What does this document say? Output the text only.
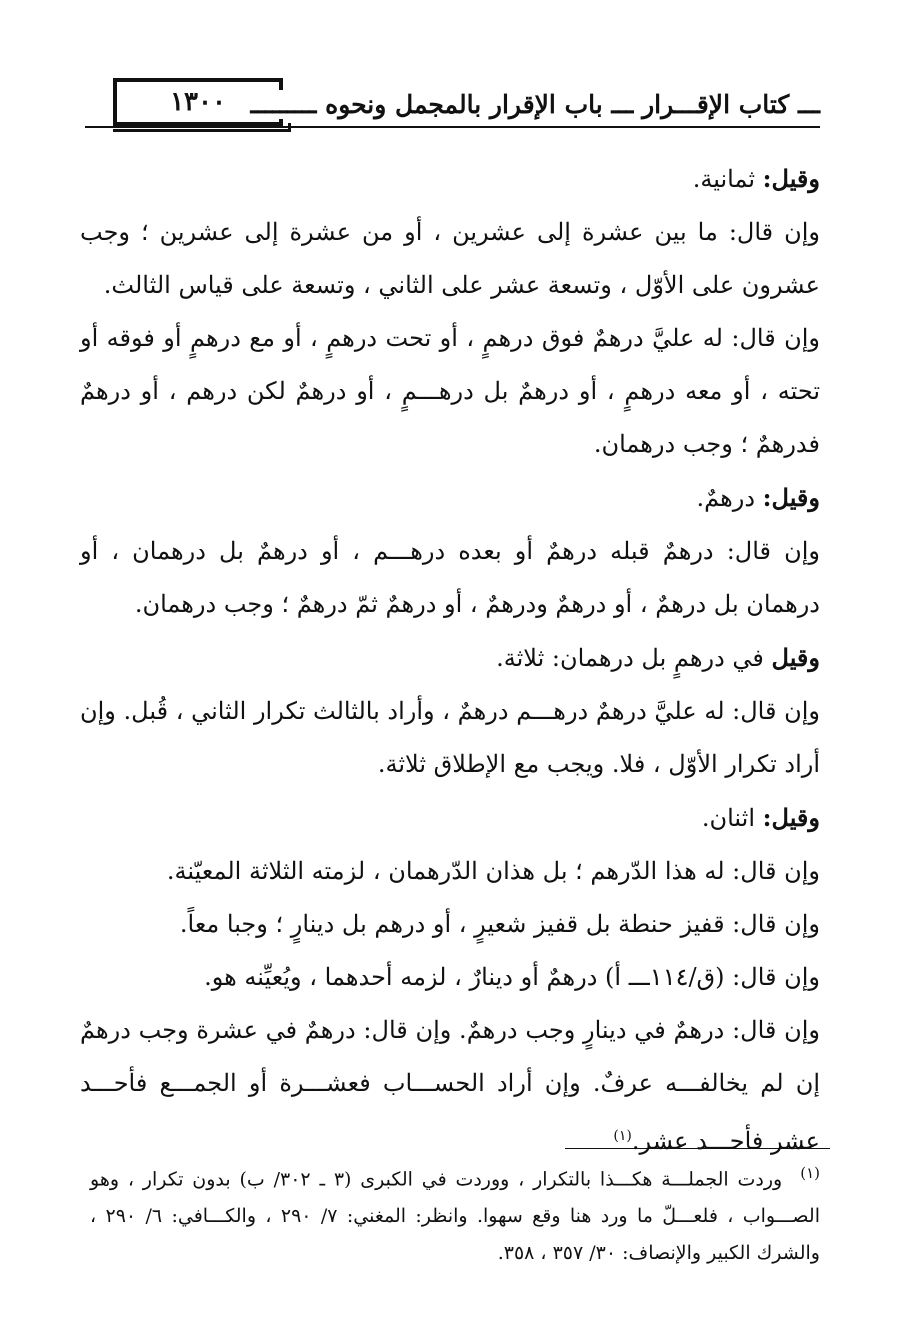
١٣٠٠ ـــ كتاب الإقـــرار ـــ باب الإقرار بالمجمل ونحوه ـــــــــ

وقيل: ثمانية.

وإن قال: ما بين عشرة إلى عشرين ، أو من عشرة إلى عشرين ؛ وجب عشرون على الأوّل ، وتسعة عشر على الثاني ، وتسعة على قياس الثالث.

وإن قال: له عليَّ درهمٌ فوق درهمٍ ، أو تحت درهمٍ ، أو مع درهمٍ أو فوقه أو تحته ، أو معه درهمٍ ، أو درهمٌ بل درهـــمٍ ، أو درهمٌ لكن درهم ، أو درهمٌ فدرهمٌ ؛ وجب درهمان.

وقيل: درهمٌ.

وإن قال: درهمٌ قبله درهمٌ أو بعده درهـــم ، أو درهمٌ بل درهمان ، أو درهمان بل درهمٌ ، أو درهمٌ ودرهمٌ ، أو درهمٌ ثمّ درهمٌ ؛ وجب درهمان.

وقيل في درهمٍ بل درهمان: ثلاثة.

وإن قال: له عليَّ درهمٌ درهـــم درهمٌ ، وأراد بالثالث تكرار الثاني ، قُبل. وإن أراد تكرار الأوّل ، فلا. ويجب مع الإطلاق ثلاثة.

وقيل: اثنان.

وإن قال: له هذا الدّرهم ؛ بل هذان الدّرهمان ، لزمته الثلاثة المعيّنة.

وإن قال: قفيز حنطة بل قفيز شعيرٍ ، أو درهم بل دينارٍ ؛ وجبا معاً.

وإن قال: (ق/١١٤ـــ أ) درهمٌ أو دينارٌ ، لزمه أحدهما ، ويُعيِّنه هو.

وإن قال: درهمٌ في دينارٍ وجب درهمٌ. وإن قال: درهمٌ في عشرة وجب درهمٌ إن لم يخالفـــه عرفٌ. وإن أراد الحســـاب فعشـــرة أو الجمـــع فأحـــد عشر فأحـــد عشر.$^{(١)}$

$^{(١)}$وردت الجملـــة هكـــذا بالتكرار ، ووردت في الكبرى (٣ ـ ٣٠٢/ ب) بدون تكرار ، وهو الصـــواب ، فلعـــلّ ما ورد هنا وقع سهوا. وانظر: المغني: ٧/ ٢٩٠ ، والكـــافي: ٦/ ٢٩٠ ، والشرك الكبير والإنصاف: ٣٠/ ٣٥٧ ، ٣٥٨.
